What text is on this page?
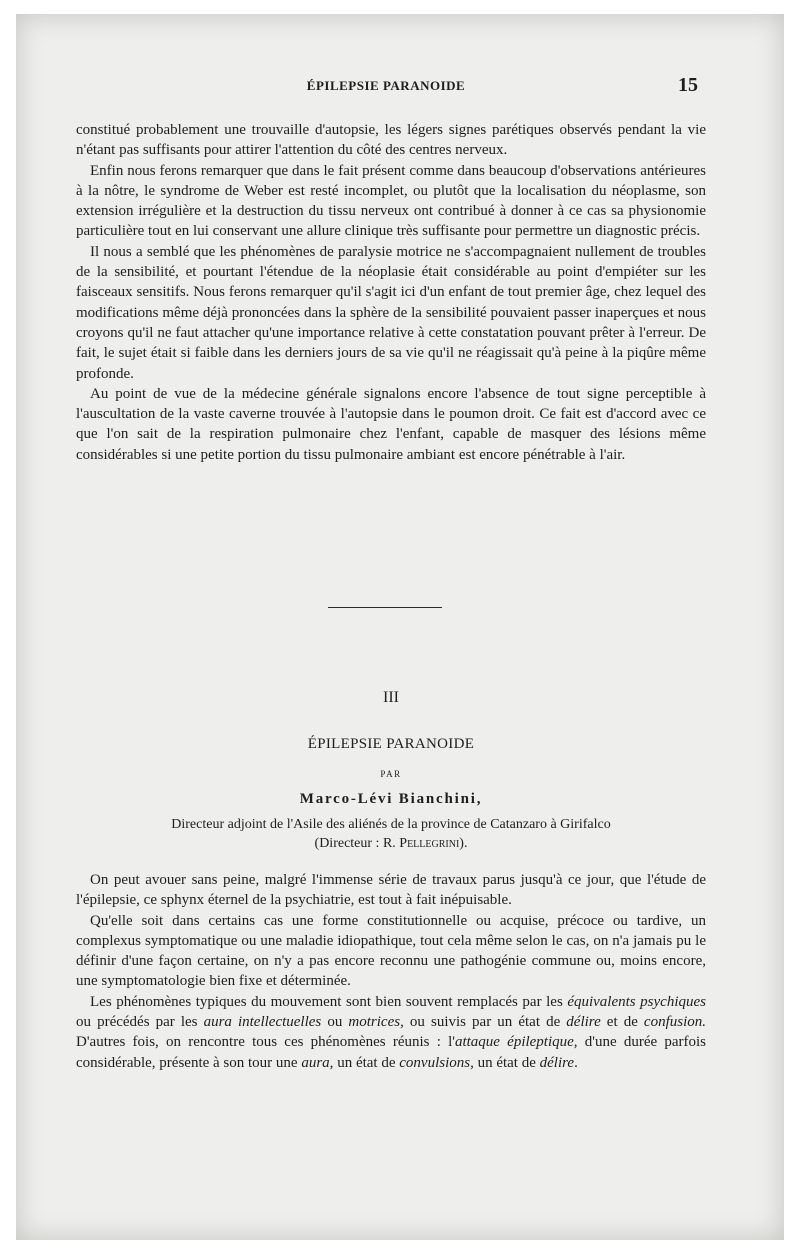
ÉPILEPSIE PARANOIDE	15

constitué probablement une trouvaille d'autopsie, les légers signes parétiques observés pendant la vie n'étant pas suffisants pour attirer l'attention du côté des centres nerveux.

Enfin nous ferons remarquer que dans le fait présent comme dans beaucoup d'observations antérieures à la nôtre, le syndrome de Weber est resté incomplet, ou plutôt que la localisation du néoplasme, son extension irrégulière et la destruction du tissu nerveux ont contribué à donner à ce cas sa physionomie particulière tout en lui conservant une allure clinique très suffisante pour permettre un diagnostic précis.

Il nous a semblé que les phénomènes de paralysie motrice ne s'accompagnaient nullement de troubles de la sensibilité, et pourtant l'étendue de la néoplasie était considérable au point d'empiéter sur les faisceaux sensitifs. Nous ferons remarquer qu'il s'agit ici d'un enfant de tout premier âge, chez lequel des modifications même déjà prononcées dans la sphère de la sensibilité pouvaient passer inaperçues et nous croyons qu'il ne faut attacher qu'une importance relative à cette constatation pouvant prêter à l'erreur. De fait, le sujet était si faible dans les derniers jours de sa vie qu'il ne réagissait qu'à peine à la piqûre même profonde.

Au point de vue de la médecine générale signalons encore l'absence de tout signe perceptible à l'auscultation de la vaste caverne trouvée à l'autopsie dans le poumon droit. Ce fait est d'accord avec ce que l'on sait de la respiration pulmonaire chez l'enfant, capable de masquer des lésions même considérables si une petite portion du tissu pulmonaire ambiant est encore pénétrable à l'air.

III
ÉPILEPSIE PARANOIDE
PAR
Marco-Lévi Bianchini,
Directeur adjoint de l'Asile des aliénés de la province de Catanzaro à Girifalco
(Directeur : R. Pellegrini).

On peut avouer sans peine, malgré l'immense série de travaux parus jusqu'à ce jour, que l'étude de l'épilepsie, ce sphynx éternel de la psychiatrie, est tout à fait inépuisable.

Qu'elle soit dans certains cas une forme constitutionnelle ou acquise, précoce ou tardive, un complexus symptomatique ou une maladie idiopathique, tout cela même selon le cas, on n'a jamais pu le définir d'une façon certaine, on n'y a pas encore reconnu une pathogénie commune ou, moins encore, une symptomatologie bien fixe et déterminée.

Les phénomènes typiques du mouvement sont bien souvent remplacés par les équivalents psychiques ou précédés par les aura intellectuelles ou motrices, ou suivis par un état de délire et de confusion. D'autres fois, on rencontre tous ces phénomènes réunis : l'attaque épileptique, d'une durée parfois considérable, présente à son tour une aura, un état de convulsions, un état de délire.
